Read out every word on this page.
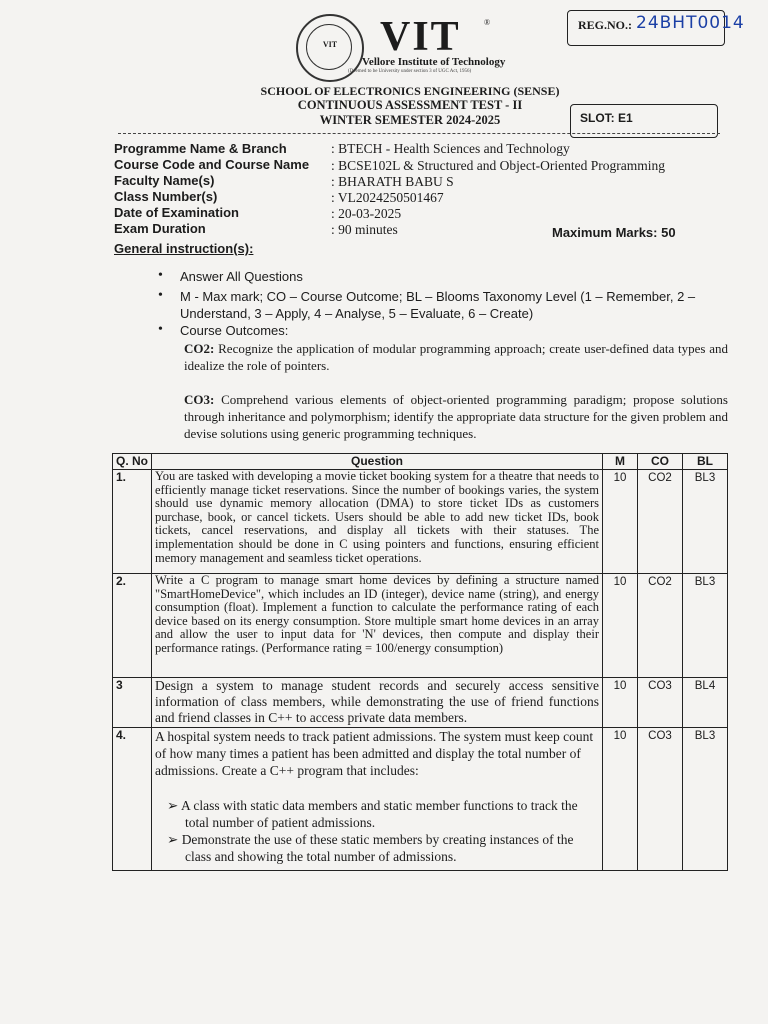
VIT	VIT	®
Vellore Institute of Technology
(Deemed to be University under section 3 of UGC Act, 1956)
REG.NO.: 24BHT0014
SCHOOL OF ELECTRONICS ENGINEERING (SENSE)
CONTINUOUS ASSESSMENT TEST - II
WINTER SEMESTER 2024-2025	SLOT: E1
Programme Name & Branch	: BTECH - Health Sciences and Technology
Course Code and Course Name : BCSE102L & Structured and Object-Oriented Programming
Faculty Name(s)	: BHARATH BABU S
Class Number(s)	: VL2024250501467
Date of Examination	: 20-03-2025
Exam Duration	: 90 minutes	Maximum Marks: 50
General instruction(s):
• Answer All Questions
• M - Max mark; CO – Course Outcome; BL – Blooms Taxonomy Level (1 – Remember, 2 –
Understand, 3 – Apply, 4 – Analyse, 5 – Evaluate, 6 – Create)
• Course Outcomes:
CO2: Recognize the application of modular programming approach; create user-defined data types and idealize the role of pointers.
CO3: Comprehend various elements of object-oriented programming paradigm; propose solutions through inheritance and polymorphism; identify the appropriate data structure for the given problem and devise solutions using generic programming techniques.
Q. No	Question	M	CO	BL
1.	You are tasked with developing a movie ticket booking system for a theatre that needs to efficiently manage ticket reservations. Since the number of bookings varies, the system should use dynamic memory allocation (DMA) to store ticket IDs as customers purchase, book, or cancel tickets. Users should be able to add new ticket IDs, book tickets, cancel reservations, and display all tickets with their statuses. The implementation should be done in C using pointers and functions, ensuring efficient memory management and seamless ticket operations.	10	CO2	BL3
2.	Write a C program to manage smart home devices by defining a structure named "SmartHomeDevice", which includes an ID (integer), device name (string), and energy consumption (float). Implement a function to calculate the performance rating of each device based on its energy consumption. Store multiple smart home devices in an array and allow the user to input data for 'N' devices, then compute and display their performance ratings. (Performance rating = 100/energy consumption)	10	CO2	BL3
3	Design a system to manage student records and securely access sensitive information of class members, while demonstrating the use of friend functions and friend classes in C++ to access private data members.	10	CO3	BL4
4.	A hospital system needs to track patient admissions. The system must keep count of how many times a patient has been admitted and display the total number of admissions. Create a C++ program that includes:
➢ A class with static data members and static member functions to track the total number of patient admissions.
➢ Demonstrate the use of these static members by creating instances of the class and showing the total number of admissions.	10	CO3	BL3
